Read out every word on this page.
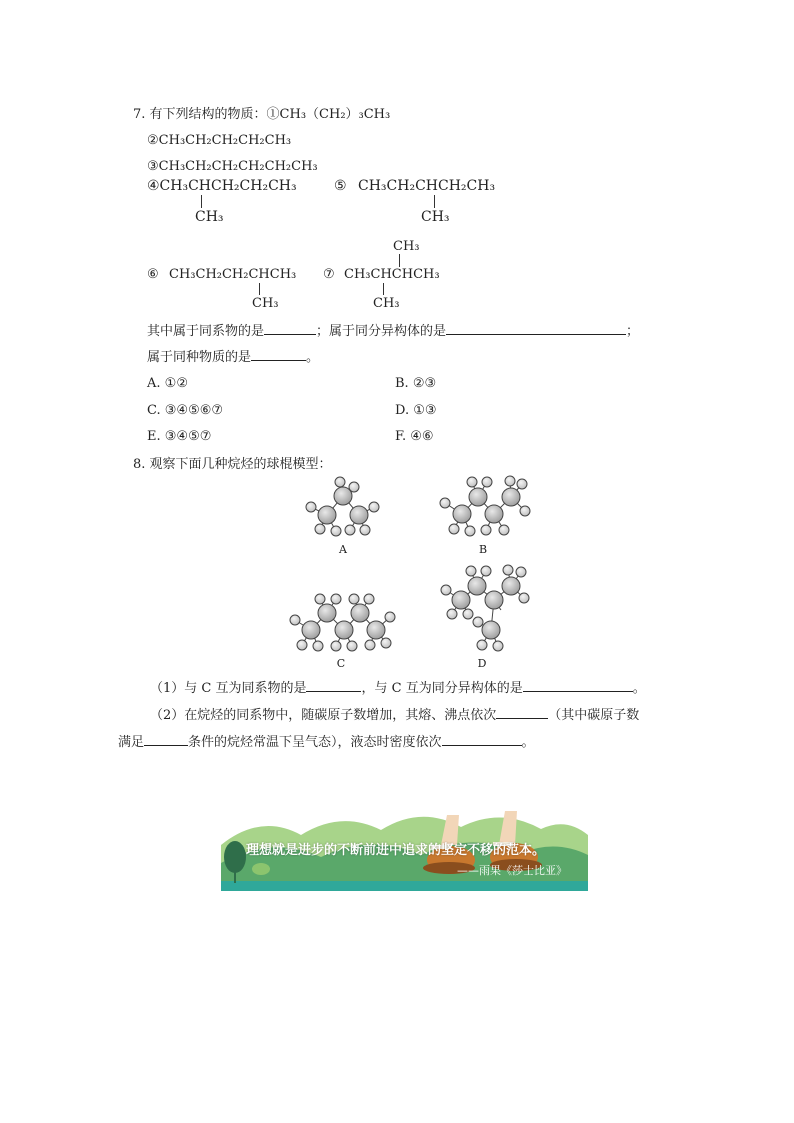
7. 有下列结构的物质：①CH₃（CH₂）₃CH₃
②CH₃CH₂CH₂CH₂CH₃
③CH₃CH₂CH₂CH₂CH₂CH₃
④CH₃CHCH₂CH₂CH₃
CH₃
⑤ CH₃CH₂CHCH₂CH₃
CH₃
⑥ CH₃CH₂CH₂CHCH₃
CH₃
CH₃
⑦ CH₃CHCHCH₃
CH₃
其中属于同系物的是	；属于同分异构体的是	；
属于同种物质的是	。
A. ①②	B. ②③
C. ③④⑤⑥⑦	D. ①③
E. ③④⑤⑦	F. ④⑥
8. 观察下面几种烷烃的球棍模型：
A	B
C	D
（1）与 C 互为同系物的是	，与 C 互为同分异构体的是	。
（2）在烷烃的同系物中，随碳原子数增加，其熔、沸点依次	（其中碳原子数
满足	条件的烷烃常温下呈气态），液态时密度依次	。
理想就是进步的不断前进中追求的坚定不移的范本。
——雨果《莎士比亚》
